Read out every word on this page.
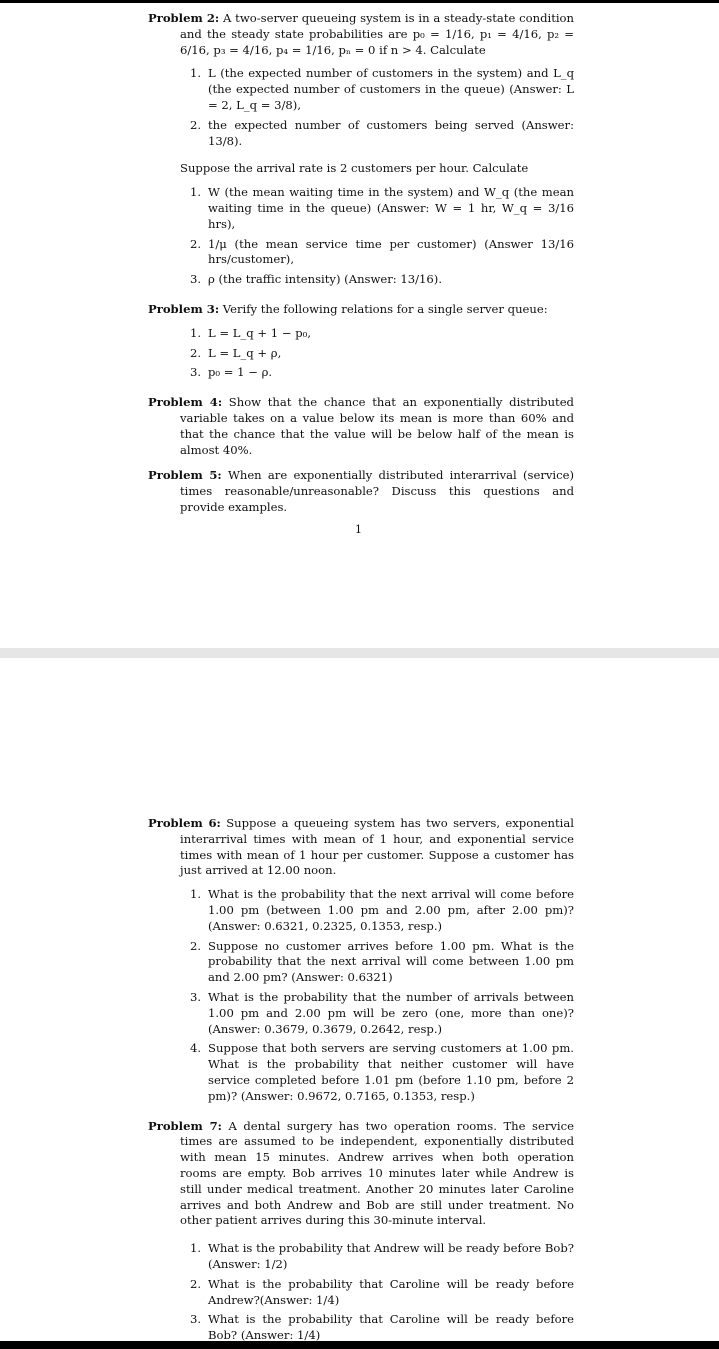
Problem 2: A two-server queueing system is in a steady-state condition and the steady state probabilities are p₀ = 1/16, p₁ = 4/16, p₂ = 6/16, p₃ = 4/16, p₄ = 1/16, pₙ = 0 if n > 4. Calculate

1. L (the expected number of customers in the system) and L_q (the expected number of customers in the queue) (Answer: L = 2, L_q = 3/8),
2. the expected number of customers being served (Answer: 13/8).

Suppose the arrival rate is 2 customers per hour. Calculate

1. W (the mean waiting time in the system) and W_q (the mean waiting time in the queue) (Answer: W = 1 hr, W_q = 3/16 hrs),
2. 1/μ (the mean service time per customer) (Answer 13/16 hrs/customer),
3. ρ (the traffic intensity) (Answer: 13/16).

Problem 3: Verify the following relations for a single server queue:

1. L = L_q + 1 − p₀,
2. L = L_q + ρ,
3. p₀ = 1 − ρ.

Problem 4: Show that the chance that an exponentially distributed variable takes on a value below its mean is more than 60% and that the chance that the value will be below half of the mean is almost 40%.

Problem 5: When are exponentially distributed interarrival (service) times reasonable/unreasonable? Discuss this questions and provide examples.

1

Problem 6: Suppose a queueing system has two servers, exponential interarrival times with mean of 1 hour, and exponential service times with mean of 1 hour per customer. Suppose a customer has just arrived at 12.00 noon.

1. What is the probability that the next arrival will come before 1.00 pm (between 1.00 pm and 2.00 pm, after 2.00 pm)? (Answer: 0.6321, 0.2325, 0.1353, resp.)
2. Suppose no customer arrives before 1.00 pm. What is the probability that the next arrival will come between 1.00 pm and 2.00 pm? (Answer: 0.6321)
3. What is the probability that the number of arrivals between 1.00 pm and 2.00 pm will be zero (one, more than one)? (Answer: 0.3679, 0.3679, 0.2642, resp.)
4. Suppose that both servers are serving customers at 1.00 pm. What is the probability that neither customer will have service completed before 1.01 pm (before 1.10 pm, before 2 pm)? (Answer: 0.9672, 0.7165, 0.1353, resp.)

Problem 7: A dental surgery has two operation rooms. The service times are assumed to be independent, exponentially distributed with mean 15 minutes. Andrew arrives when both operation rooms are empty. Bob arrives 10 minutes later while Andrew is still under medical treatment. Another 20 minutes later Caroline arrives and both Andrew and Bob are still under treatment. No other patient arrives during this 30-minute interval.

1. What is the probability that Andrew will be ready before Bob?(Answer: 1/2)
2. What is the probability that Caroline will be ready before Andrew?(Answer: 1/4)
3. What is the probability that Caroline will be ready before Bob? (Answer: 1/4)
